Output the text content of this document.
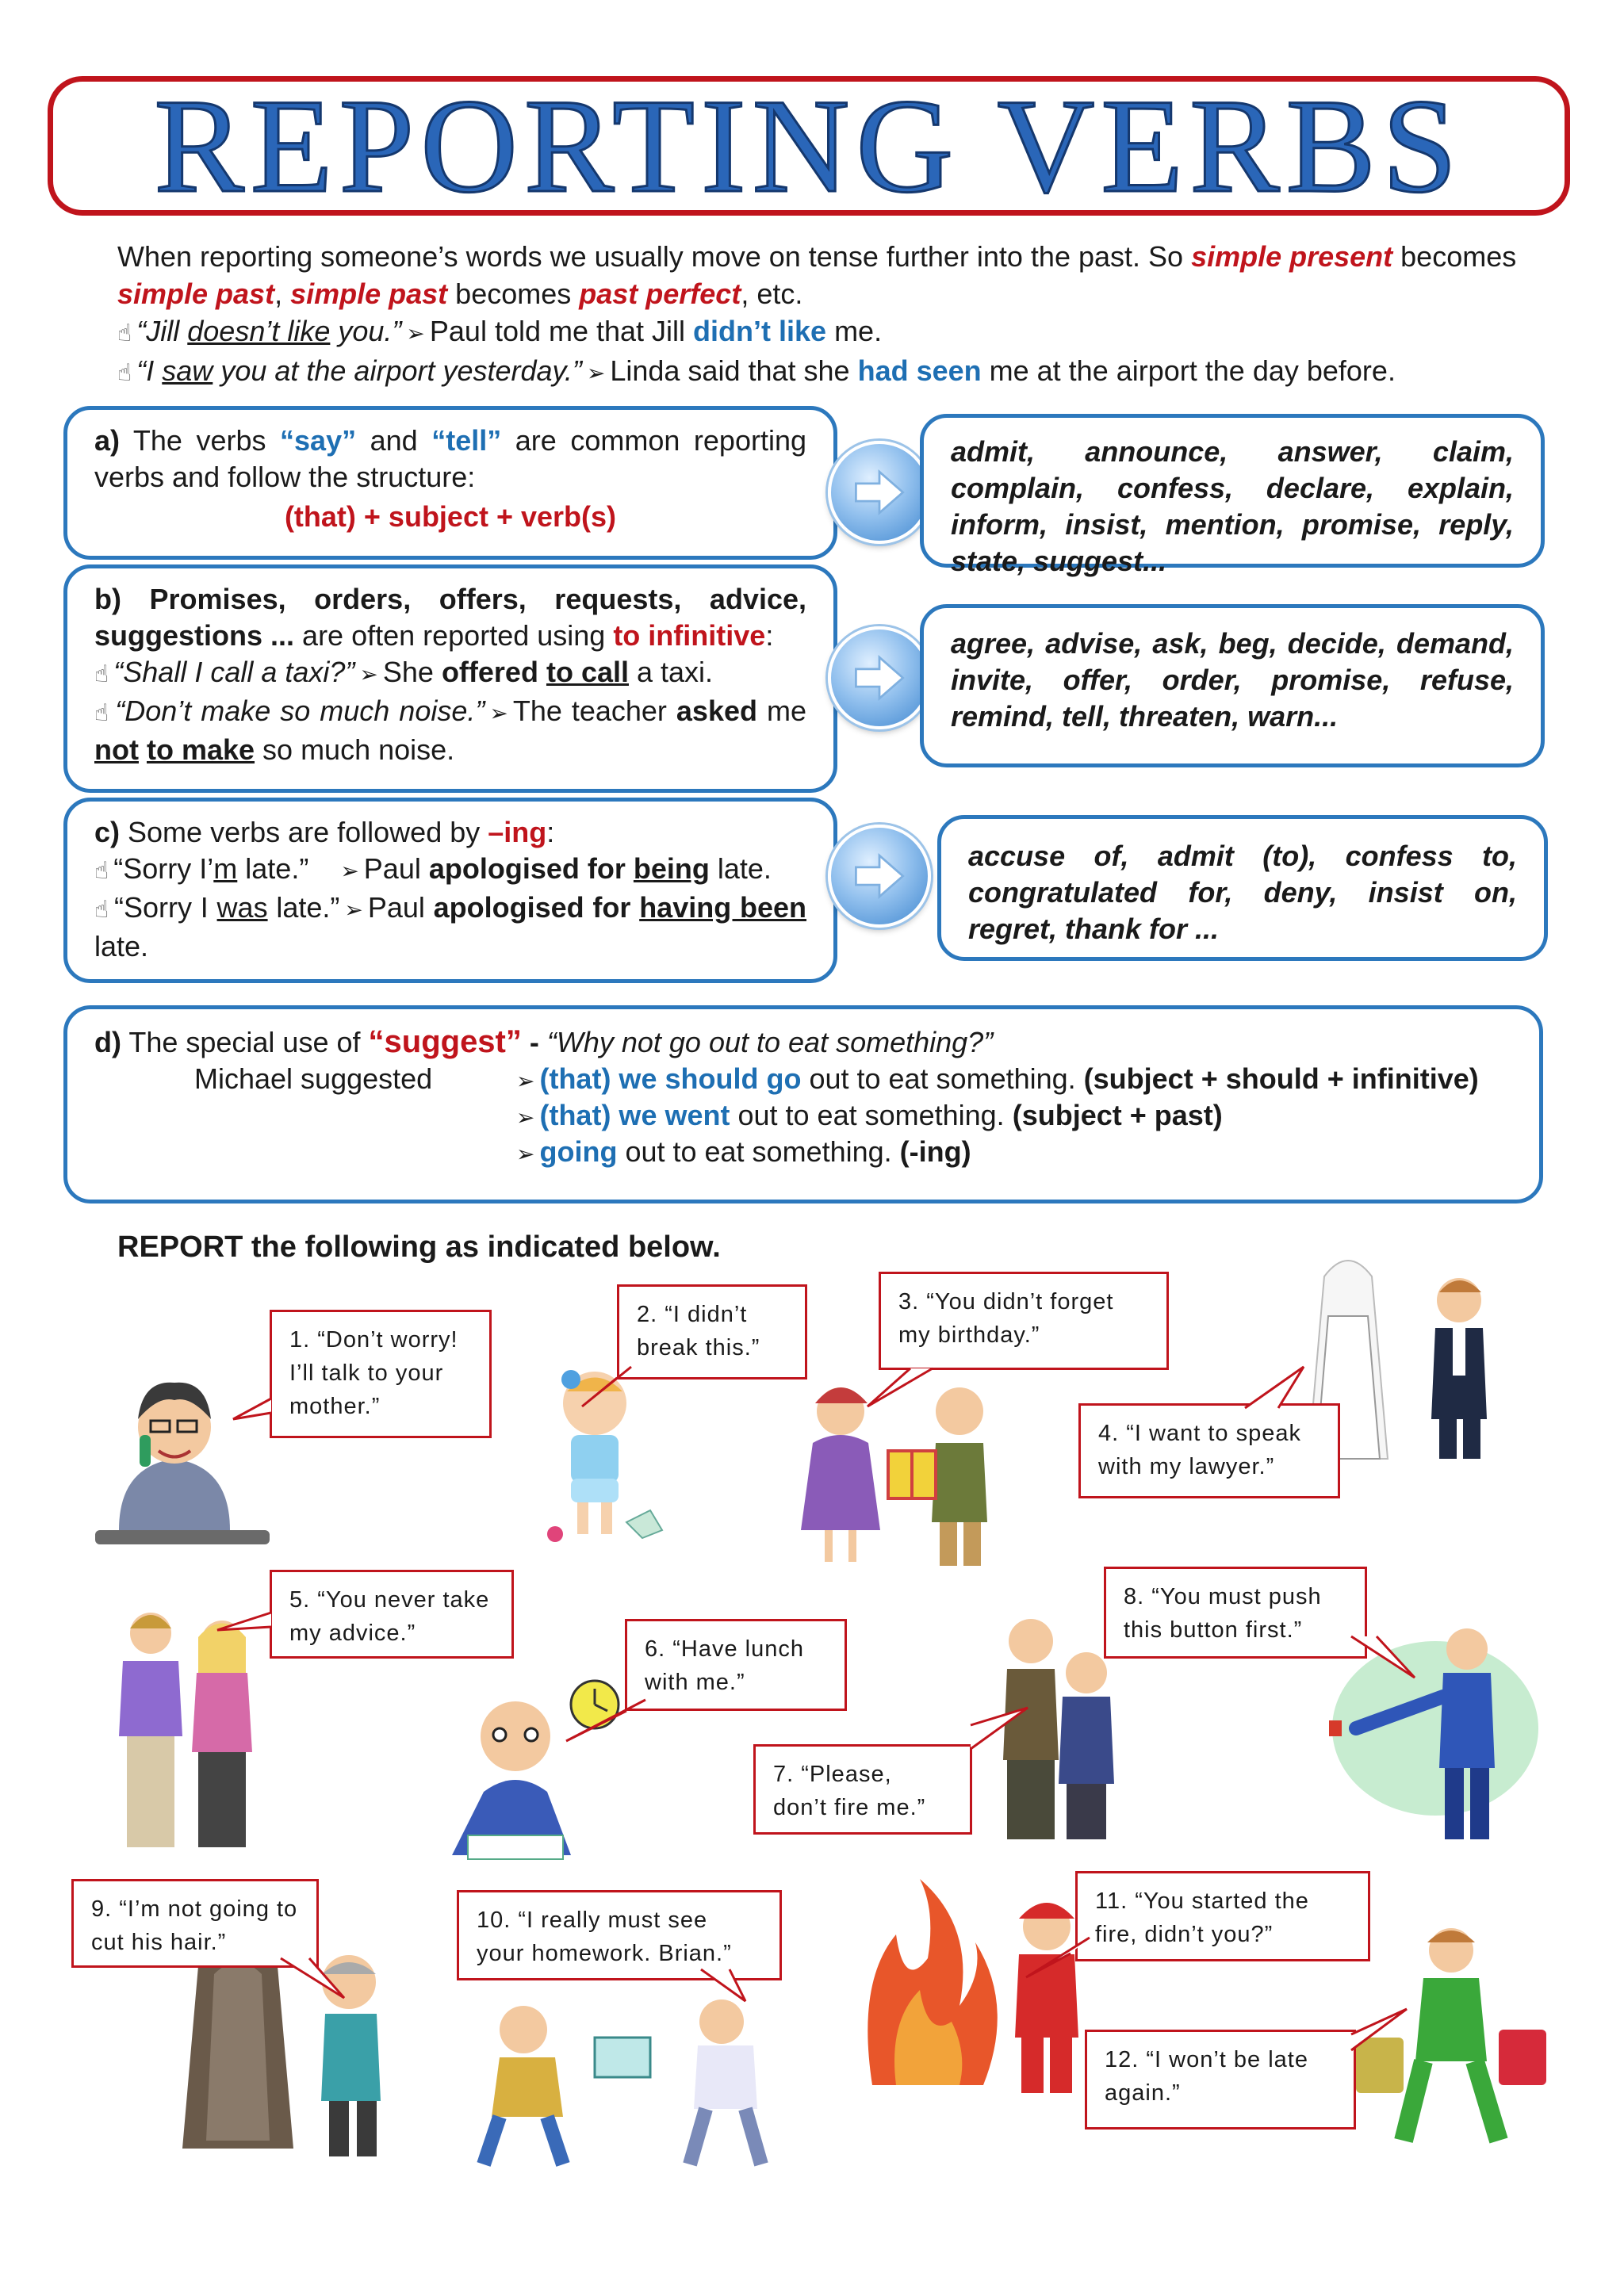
REPORTING VERBS
When reporting someone’s words we usually move on tense further into the past. So simple present becomes simple past, simple past becomes past perfect, etc.
☝ “Jill doesn’t like you.” ➢ Paul told me that Jill didn’t like me.
☝ “I saw you at the airport yesterday.” ➢ Linda said that she had seen me at the airport the day before.
a) The verbs “say” and “tell” are common reporting verbs and follow the structure:
(that) + subject + verb(s)
admit, announce, answer, claim, complain, confess, declare, explain, inform, insist, mention, promise, reply, state, suggest...
b) Promises, orders, offers, requests, advice, suggestions ... are often reported using to infinitive:
☝ “Shall I call a taxi?” ➢ She offered to call a taxi.
☝ “Don’t make so much noise.” ➢ The teacher asked me not to make so much noise.
agree, advise, ask, beg, decide, demand, invite, offer, order, promise, refuse, remind, tell, threaten, warn...
c) Some verbs are followed by –ing:
☝ “Sorry I’m late.” ➢ Paul apologised for being late.
☝ “Sorry I was late.” ➢ Paul apologised for having been late.
accuse of, admit (to), confess to, congratulated for, deny, insist on, regret, thank for ...
d) The special use of “suggest” - “Why not go out to eat something?”
Michael suggested	➢ (that) we should go out to eat something. (subject + should + infinitive)
➢ (that) we went out to eat something. (subject + past)
➢ going out to eat something. (-ing)
REPORT the following as indicated below.
1. “Don’t worry! I’ll talk to your mother.”
2. “I didn’t break this.”
3. “You didn’t forget my birthday.”
4. “I want to speak with my lawyer.”
5. “You never take my advice.”
6. “Have lunch with me.”
7. “Please, don’t fire me.”
8. “You must push this button first.”
9. “I’m not going to cut his hair.”
10. “I really must see your homework. Brian.”
11. “You started the fire, didn’t you?”
12. “I won’t be late again.”
